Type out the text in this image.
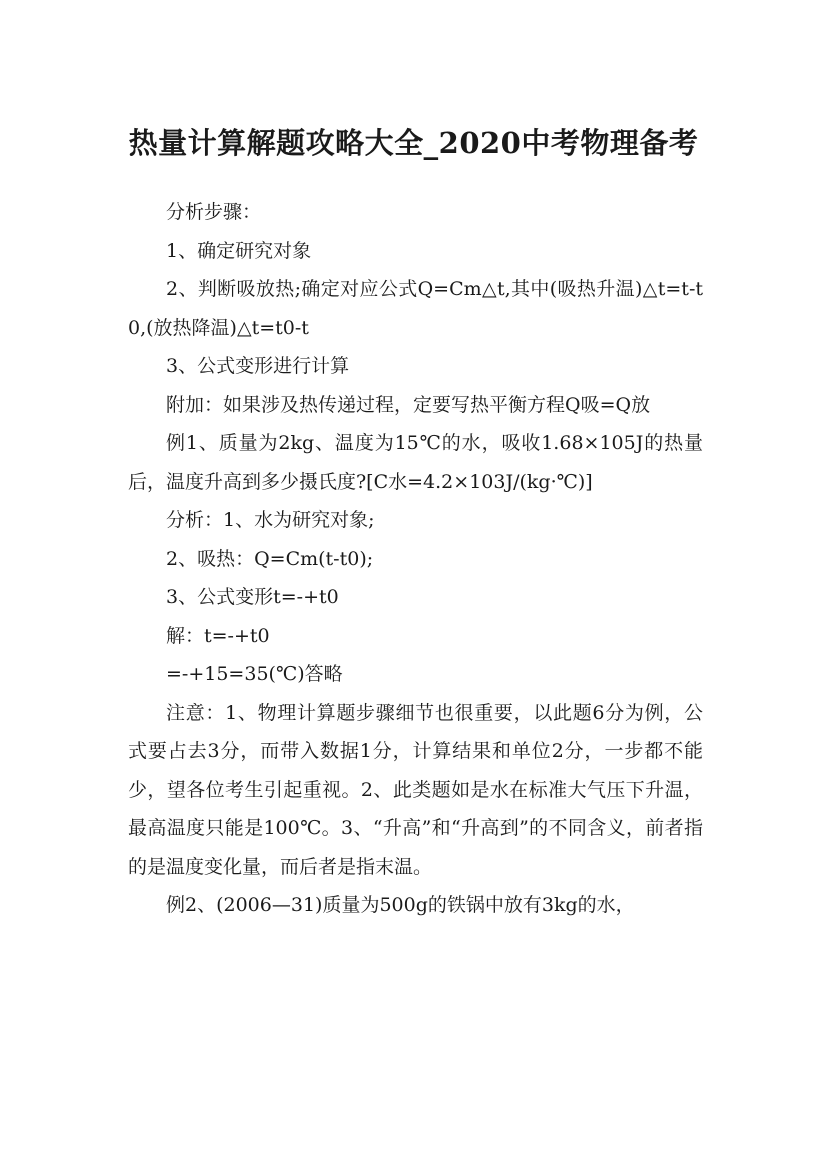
热量计算解题攻略大全_2020中考物理备考

分析步骤：

1、确定研究对象

2、判断吸放热;确定对应公式Q=Cm△t,其中(吸热升温)△t=t-t0,(放热降温)△t=t0-t

3、公式变形进行计算

附加：如果涉及热传递过程，定要写热平衡方程Q吸=Q放

例1、质量为2kg、温度为15℃的水，吸收1.68×105J的热量后，温度升高到多少摄氏度?[C水=4.2×103J/(kg·℃)]

分析：1、水为研究对象;

2、吸热：Q=Cm(t-t0);

3、公式变形t=-+t0

解：t=-+t0

=-+15=35(℃)答略

注意：1、物理计算题步骤细节也很重要，以此题6分为例，公式要占去3分，而带入数据1分，计算结果和单位2分，一步都不能少，望各位考生引起重视。2、此类题如是水在标准大气压下升温，最高温度只能是100℃。3、“升高”和“升高到”的不同含义，前者指的是温度变化量，而后者是指末温。

例2、(2006—31)质量为500g的铁锅中放有3kg的水，
